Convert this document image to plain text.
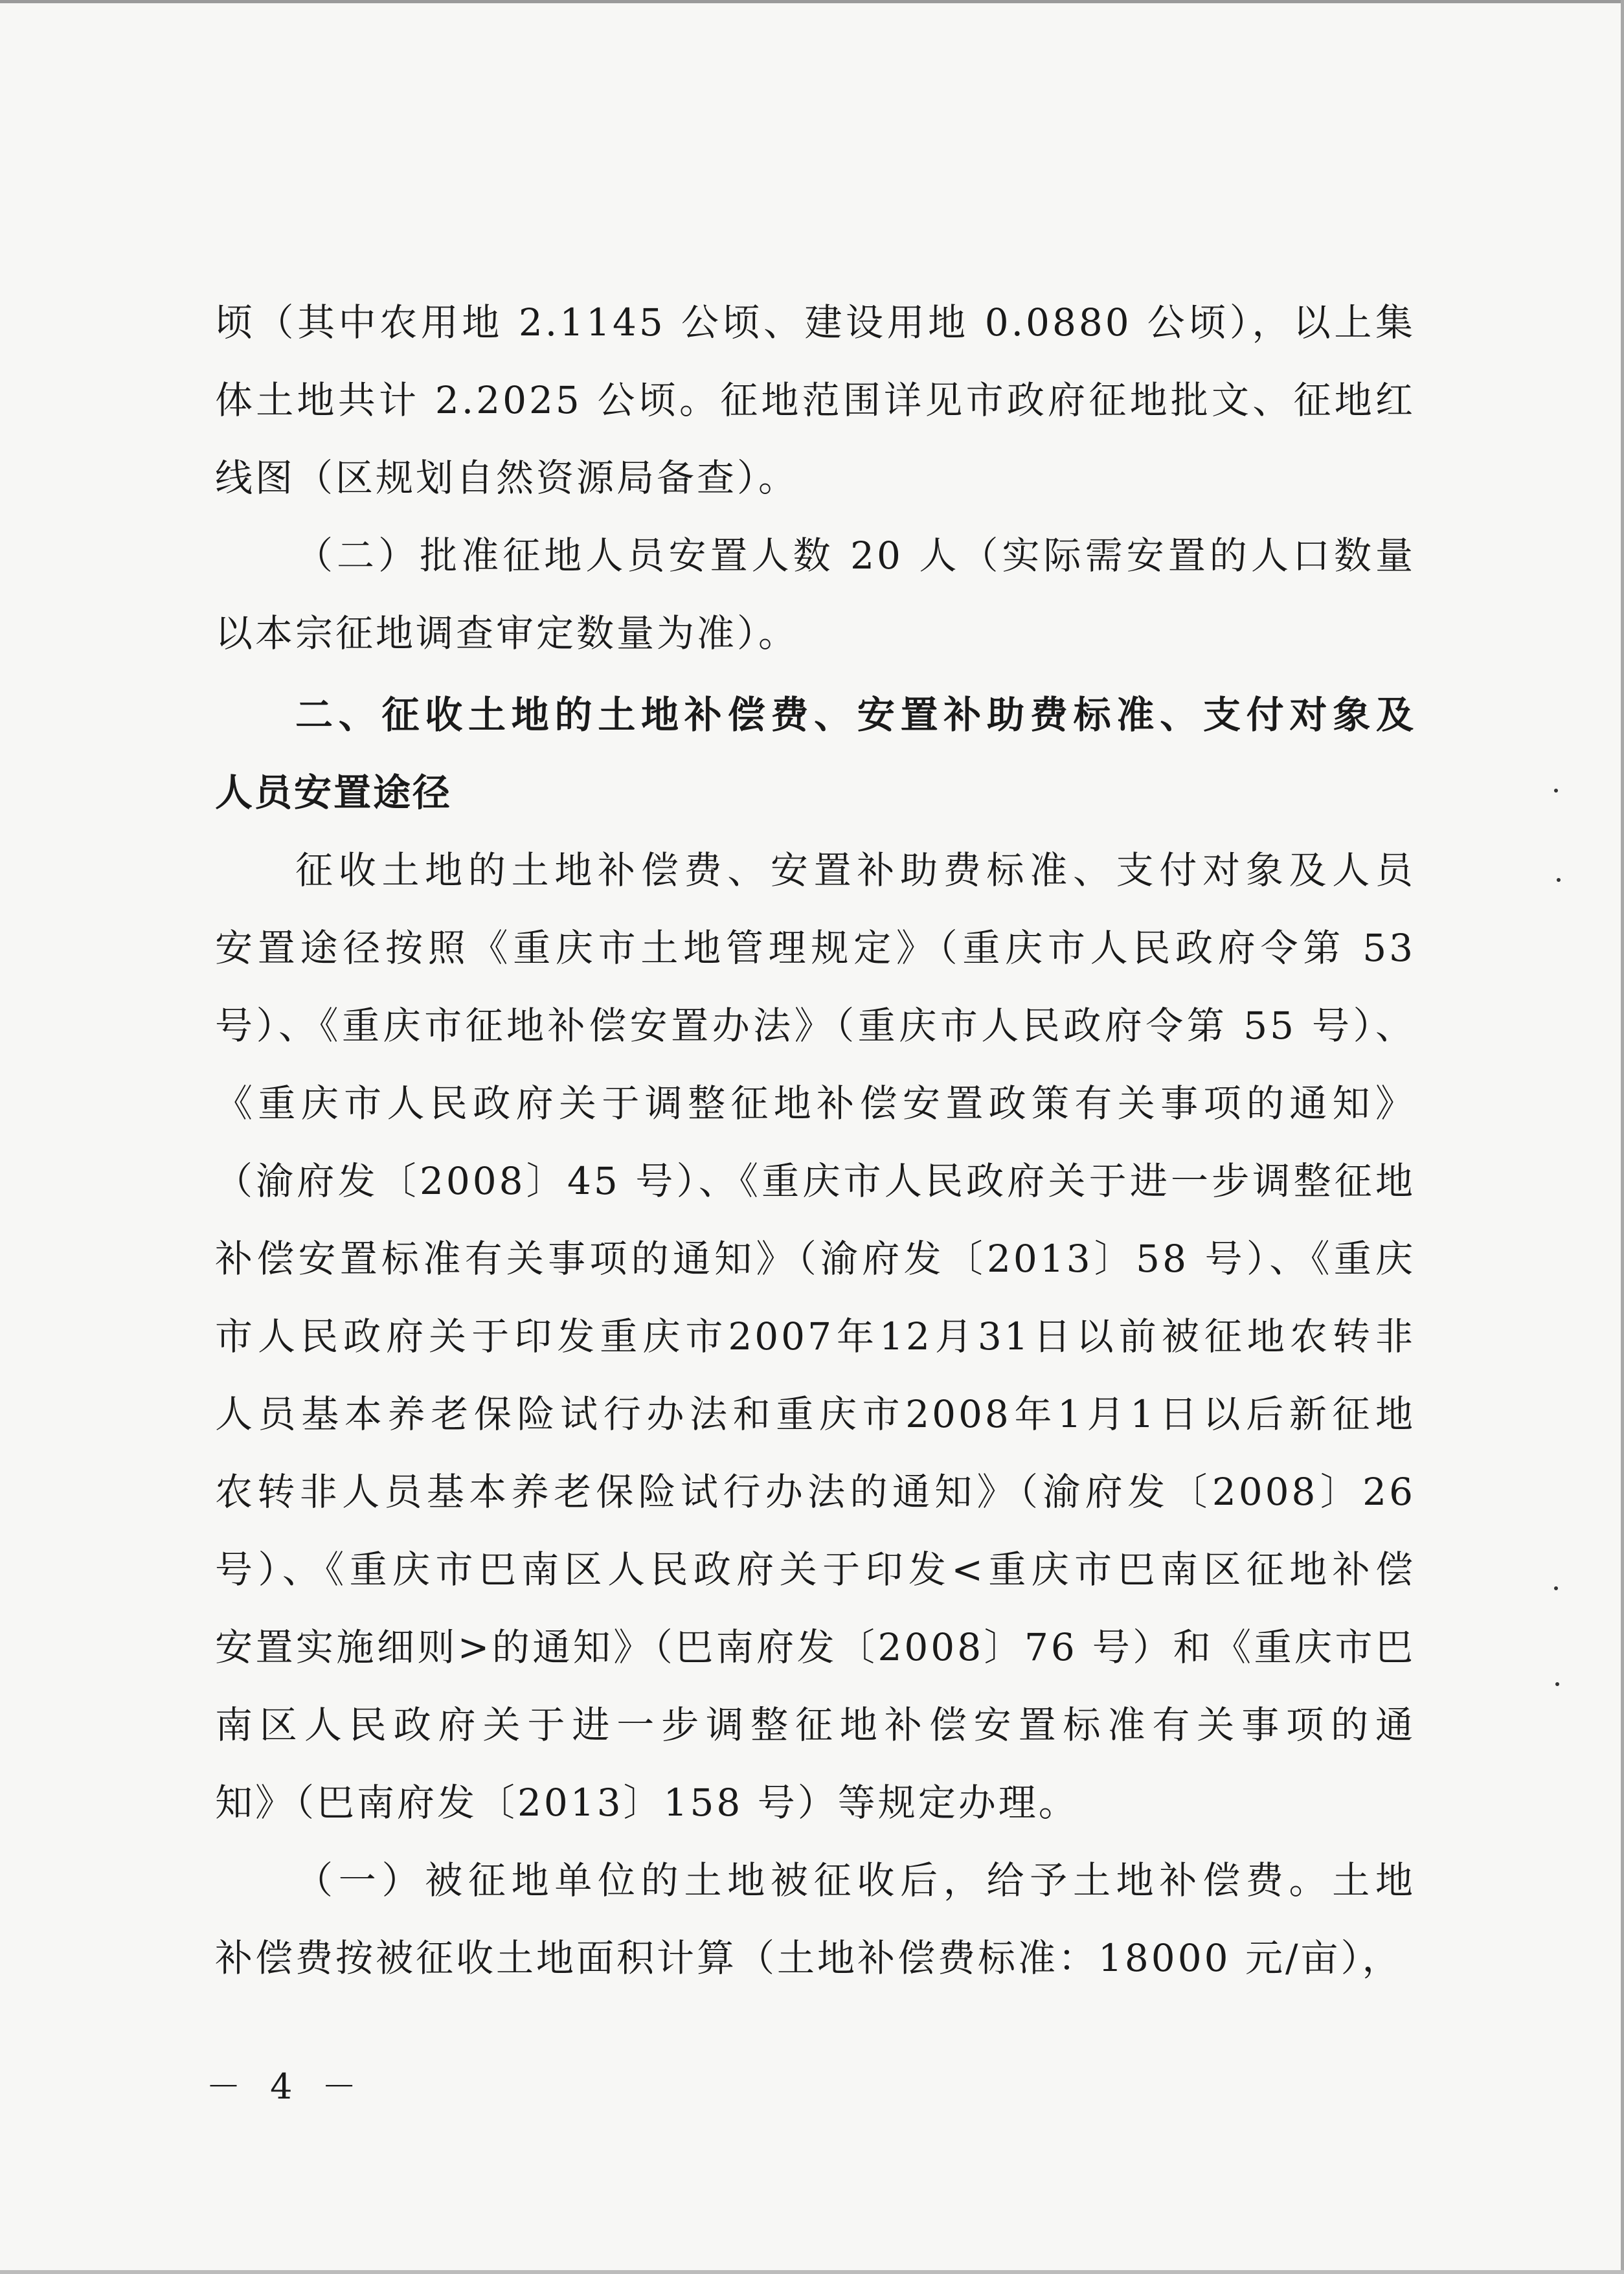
顷（其中农用地 2.1145 公顷、建设用地 0.0880 公顷），以上集
体土地共计 2.2025 公顷。征地范围详见市政府征地批文、征地红
线图（区规划自然资源局备查）。
（二）批准征地人员安置人数 20 人（实际需安置的人口数量
以本宗征地调查审定数量为准）。
二、征收土地的土地补偿费、安置补助费标准、支付对象及
人员安置途径
征收土地的土地补偿费、安置补助费标准、支付对象及人员
安置途径按照《重庆市土地管理规定》（重庆市人民政府令第 53
号）、《重庆市征地补偿安置办法》（重庆市人民政府令第 55 号）、
《重庆市人民政府关于调整征地补偿安置政策有关事项的通知》
（渝府发〔2008〕45 号）、《重庆市人民政府关于进一步调整征地
补偿安置标准有关事项的通知》（渝府发〔2013〕58 号）、《重庆
市人民政府关于印发重庆市2007年12月31日以前被征地农转非
人员基本养老保险试行办法和重庆市2008年1月1日以后新征地
农转非人员基本养老保险试行办法的通知》（渝府发〔2008〕26
号）、《重庆市巴南区人民政府关于印发<重庆市巴南区征地补偿
安置实施细则>的通知》（巴南府发〔2008〕76 号）和《重庆市巴
南区人民政府关于进一步调整征地补偿安置标准有关事项的通
知》（巴南府发〔2013〕158 号）等规定办理。
（一）被征地单位的土地被征收后，给予土地补偿费。土地
补偿费按被征收土地面积计算（土地补偿费标准：18000 元/亩），
－ 4 －
